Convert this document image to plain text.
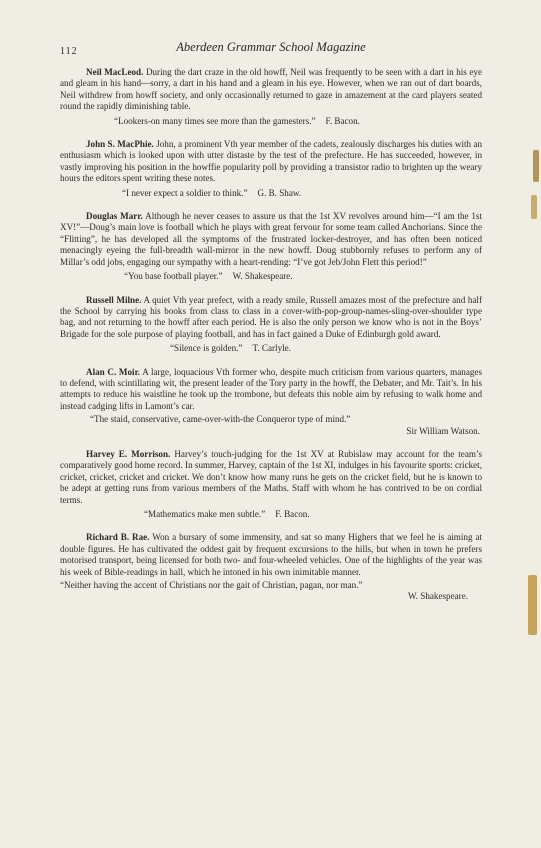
112	Aberdeen Grammar School Magazine

Neil MacLeod. During the dart craze in the old howff, Neil was frequently to be seen with a dart in his eye and gleam in his hand—sorry, a dart in his hand and a gleam in his eye. However, when we ran out of dart boards, Neil withdrew from howff society, and only occasionally returned to gaze in amazement at the card players seated round the rapidly diminishing table.

“Lookers-on many times see more than the gamesters.” F. Bacon.

John S. MacPhie. John, a prominent Vth year member of the cadets, zealously discharges his duties with an enthusiasm which is looked upon with utter distaste by the test of the prefecture. He has succeeded, however, in vastly improving his position in the howffie popularity poll by providing a transistor radio to brighten up the weary hours the editors spent writing these notes.

“I never expect a soldier to think.” G. B. Shaw.

Douglas Marr. Although he never ceases to assure us that the 1st XV revolves around him—“I am the 1st XV!”—Doug’s main love is football which he plays with great fervour for some team called Anchorians. Since the “Flitting”, he has developed all the symptoms of the frustrated locker-destroyer, and has often been noticed menacingly eyeing the full-breadth wall-mirror in the new howff. Doug stubbornly refuses to perform any of Millar’s odd jobs, engaging our sympathy with a heart-rending: “I’ve got Jeb/John Flett this period!”

“You base football player.” W. Shakespeare.

Russell Milne. A quiet Vth year prefect, with a ready smile, Russell amazes most of the prefecture and half the School by carrying his books from class to class in a cover-with-pop-group-names-sling-over-shoulder type bag, and not returning to the howff after each period. He is also the only person we know who is not in the Boys’ Brigade for the sole purpose of playing football, and has in fact gained a Duke of Edinburgh gold award.

“Silence is golden.” T. Carlyle.

Alan C. Moir. A large, loquacious Vth former who, despite much criticism from various quarters, manages to defend, with scintillating wit, the present leader of the Tory party in the howff, the Debater, and Mr. Tait’s. In his attempts to reduce his waistline he took up the trombone, but defeats this noble aim by refusing to walk home and instead cadging lifts in Lamont’s car.

“The staid, conservative, came-over-with-the Conqueror type of mind.”
Sir William Watson.

Harvey E. Morrison. Harvey’s touch-judging for the 1st XV at Rubislaw may account for the team’s comparatively good home record. In summer, Harvey, captain of the 1st XI, indulges in his favourite sports: cricket, cricket, cricket, cricket and cricket. We don’t know how many runs he gets on the cricket field, but he is known to be adept at getting runs from various members of the Maths. Staff with whom he has contrived to be on cordial terms.

“Mathematics make men subtle.” F. Bacon.

Richard B. Rae. Won a bursary of some immensity, and sat so many Highers that we feel he is aiming at double figures. He has cultivated the oddest gait by frequent excursions to the hills, but when in town he prefers motorised transport, being licensed for both two- and four-wheeled vehicles. One of the highlights of the year was his week of Bible-readings in hall, which he intoned in his own inimitable manner.

“Neither having the accent of Christians nor the gait of Christian, pagan, nor man.”
W. Shakespeare.
